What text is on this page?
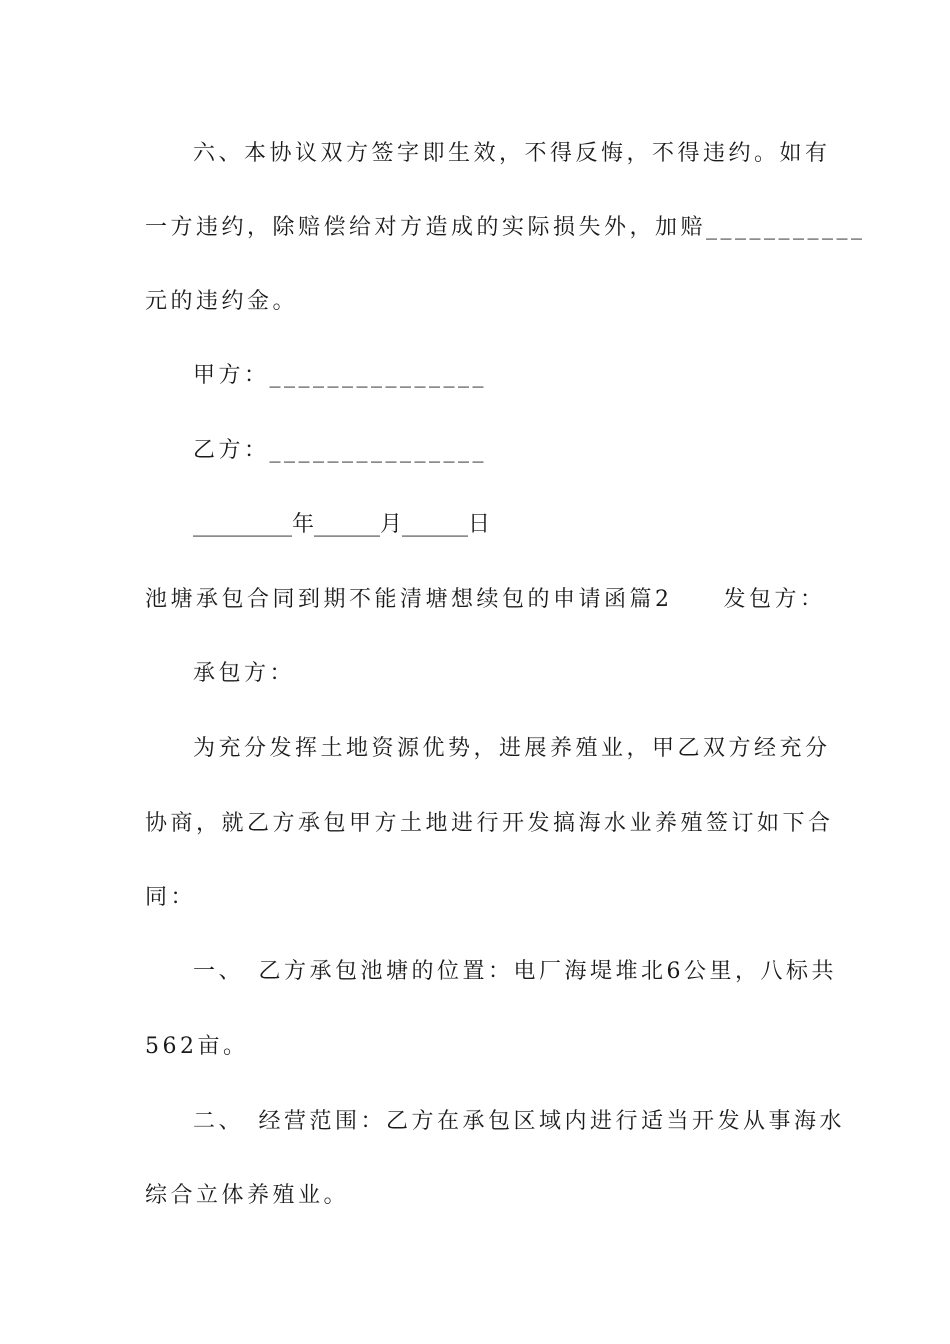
六、本协议双方签字即生效，不得反悔，不得违约。如有
一方违约，除赔偿给对方造成的实际损失外，加赔___________
元的违约金。
甲方：_______________
乙方：_______________
_________年______月______日
池塘承包合同到期不能清塘想续包的申请函篇2　　发包方：
承包方：
为充分发挥土地资源优势，进展养殖业，甲乙双方经充分
协商，就乙方承包甲方土地进行开发搞海水业养殖签订如下合
同：
一、　乙方承包池塘的位置：电厂海堤堆北6公里，八标共
562亩。
二、　经营范围：乙方在承包区域内进行适当开发从事海水
综合立体养殖业。
